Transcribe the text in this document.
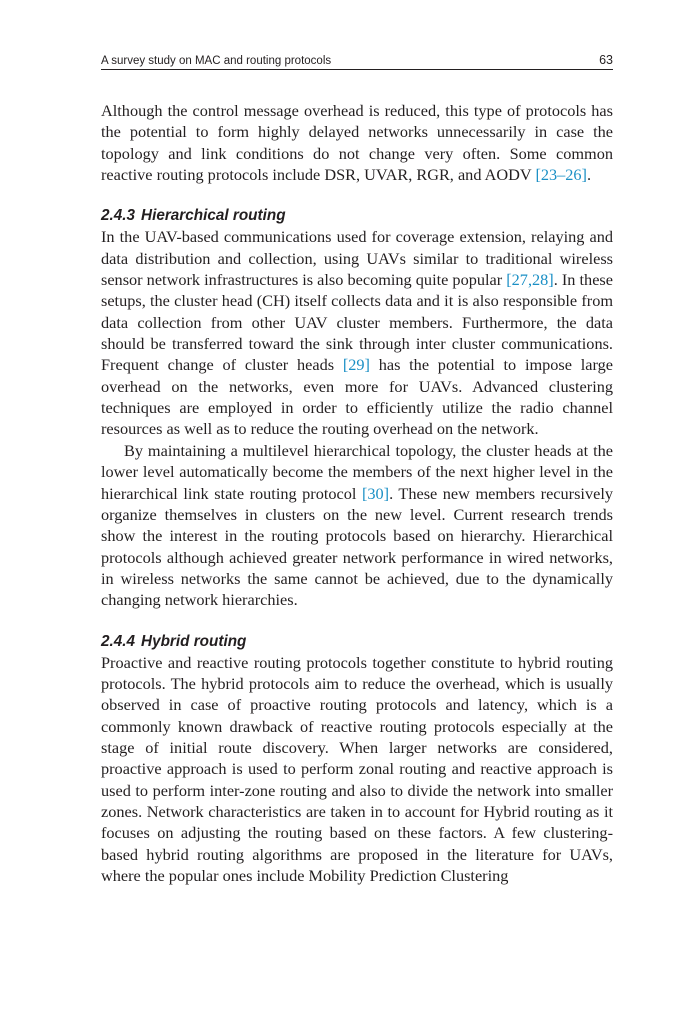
A survey study on MAC and routing protocols	63

Although the control message overhead is reduced, this type of protocols has the potential to form highly delayed networks unnecessarily in case the topology and link conditions do not change very often. Some common reactive routing protocols include DSR, UVAR, RGR, and AODV [23–26].

2.4.3 Hierarchical routing

In the UAV-based communications used for coverage extension, relaying and data distribution and collection, using UAVs similar to traditional wireless sensor network infrastructures is also becoming quite popular [27,28]. In these setups, the cluster head (CH) itself collects data and it is also responsible from data collection from other UAV cluster members. Furthermore, the data should be transferred toward the sink through inter cluster communications. Frequent change of cluster heads [29] has the potential to impose large overhead on the networks, even more for UAVs. Advanced clustering techniques are employed in order to efficiently utilize the radio channel resources as well as to reduce the routing overhead on the network.

By maintaining a multilevel hierarchical topology, the cluster heads at the lower level automatically become the members of the next higher level in the hierarchical link state routing protocol [30]. These new members recursively organize themselves in clusters on the new level. Current research trends show the interest in the routing protocols based on hierarchy. Hierarchical protocols although achieved greater network performance in wired networks, in wireless networks the same cannot be achieved, due to the dynamically changing network hierarchies.

2.4.4 Hybrid routing

Proactive and reactive routing protocols together constitute to hybrid routing protocols. The hybrid protocols aim to reduce the overhead, which is usually observed in case of proactive routing protocols and latency, which is a commonly known drawback of reactive routing protocols especially at the stage of initial route discovery. When larger networks are considered, proactive approach is used to perform zonal routing and reactive approach is used to perform inter-zone routing and also to divide the network into smaller zones. Network characteristics are taken in to account for Hybrid routing as it focuses on adjusting the routing based on these factors. A few clustering-based hybrid routing algorithms are proposed in the literature for UAVs, where the popular ones include Mobility Prediction Clustering
